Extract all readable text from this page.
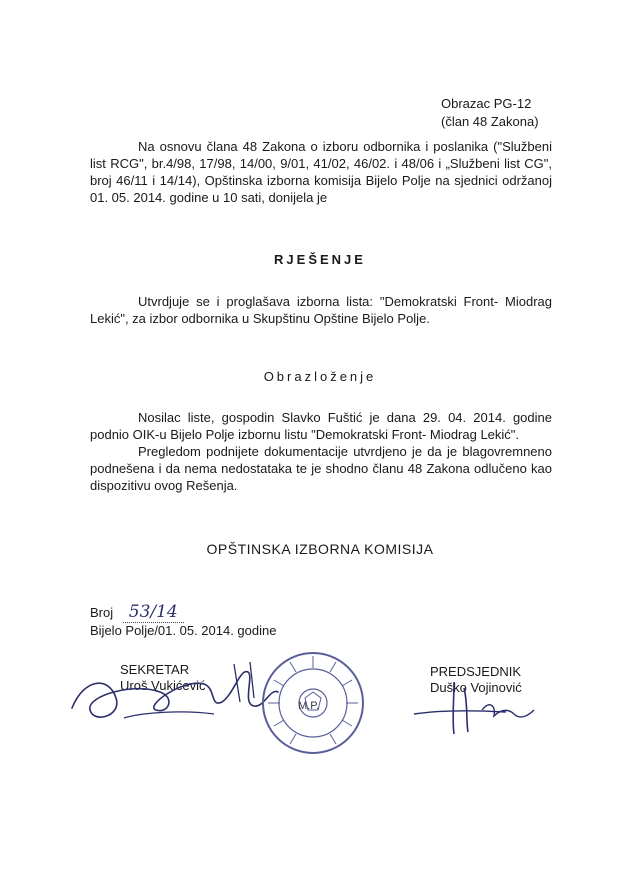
Obrazac PG-12
(član 48 Zakona)
Na osnovu člana 48 Zakona o izboru odbornika i poslanika ("Službeni list RCG", br.4/98, 17/98, 14/00, 9/01, 41/02, 46/02. i 48/06 i „Službeni list CG", broj 46/11 i 14/14), Opštinska izborna komisija Bijelo Polje na sjednici održanoj 01. 05. 2014. godine u 10 sati, donijela je
RJEŠENJE
Utvrdjuje se i proglašava izborna lista: "Demokratski Front- Miodrag Lekić", za izbor odbornika u Skupštinu Opštine Bijelo Polje.
Obrazloženje
Nosilac liste, gospodin Slavko Fuštić je dana 29. 04. 2014. godine podnio OIK-u Bijelo Polje izbornu listu "Demokratski Front- Miodrag Lekić".
Pregledom podnijete dokumentacije utvrdjeno je da je blagovremneno podnešena i da nema nedostataka te je shodno članu 48 Zakona odlučeno kao dispozitivu ovog Rešenja.
OPŠTINSKA IZBORNA KOMISIJA
Broj 53/14
Bijelo Polje/01. 05. 2014. godine
SEKRETAR
Uroš Vukićević
M.P.
PREDSJEDNIK
Duško Vojinović
